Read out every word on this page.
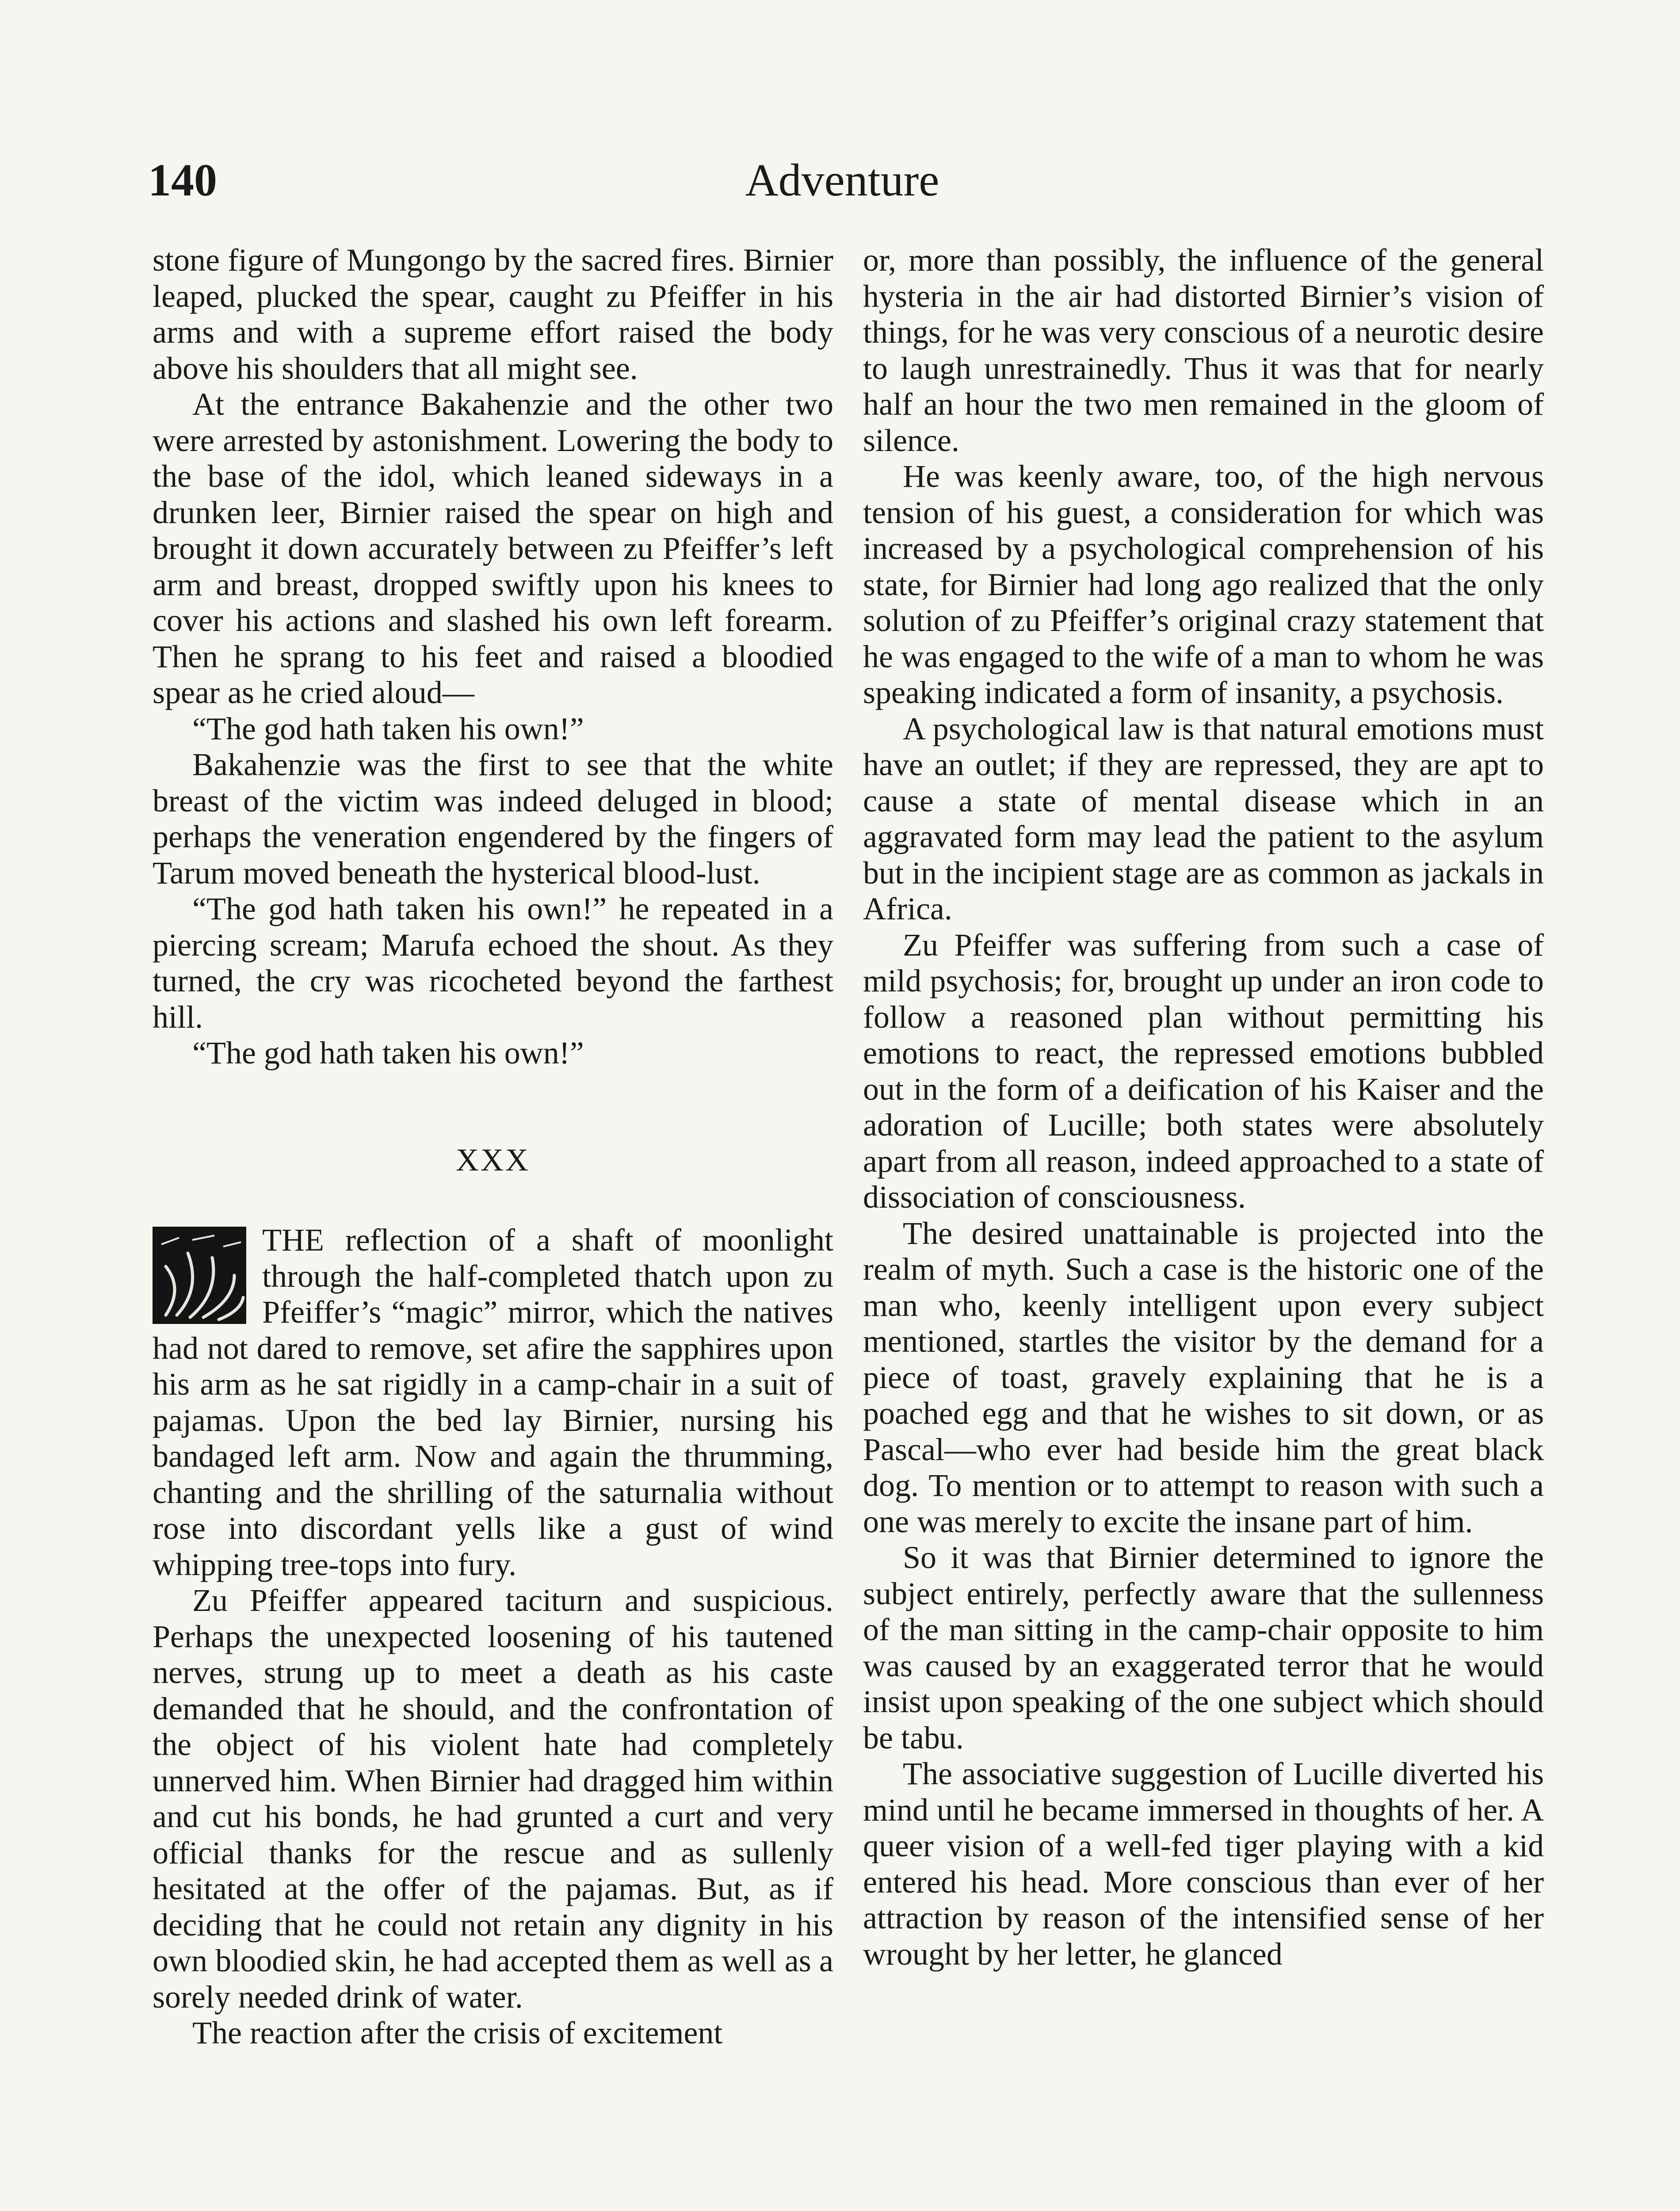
140	Adventure

stone figure of Mungongo by the sacred fires. Birnier leaped, plucked the spear, caught zu Pfeiffer in his arms and with a supreme effort raised the body above his shoulders that all might see.

At the entrance Bakahenzie and the other two were arrested by astonishment. Lowering the body to the base of the idol, which leaned sideways in a drunken leer, Birnier raised the spear on high and brought it down accurately between zu Pfeiffer’s left arm and breast, dropped swiftly upon his knees to cover his actions and slashed his own left forearm. Then he sprang to his feet and raised a bloodied spear as he cried aloud—

“The god hath taken his own!”

Bakahenzie was the first to see that the white breast of the victim was indeed deluged in blood; perhaps the veneration engendered by the fingers of Tarum moved beneath the hysterical blood-lust.

“The god hath taken his own!” he repeated in a piercing scream; Marufa echoed the shout. As they turned, the cry was ricocheted beyond the farthest hill.

“The god hath taken his own!”

XXX

THE reflection of a shaft of moonlight through the half-completed thatch upon zu Pfeiffer’s “magic” mirror, which the natives had not dared to remove, set afire the sapphires upon his arm as he sat rigidly in a camp-chair in a suit of pajamas. Upon the bed lay Birnier, nursing his bandaged left arm. Now and again the thrumming, chanting and the shrilling of the saturnalia without rose into discordant yells like a gust of wind whipping tree-tops into fury.

Zu Pfeiffer appeared taciturn and suspicious. Perhaps the unexpected loosening of his tautened nerves, strung up to meet a death as his caste demanded that he should, and the confrontation of the object of his violent hate had completely unnerved him. When Birnier had dragged him within and cut his bonds, he had grunted a curt and very official thanks for the rescue and as sullenly hesitated at the offer of the pajamas. But, as if deciding that he could not retain any dignity in his own bloodied skin, he had accepted them as well as a sorely needed drink of water.

The reaction after the crisis of excitement

or, more than possibly, the influence of the general hysteria in the air had distorted Birnier’s vision of things, for he was very conscious of a neurotic desire to laugh unrestrainedly. Thus it was that for nearly half an hour the two men remained in the gloom of silence.

He was keenly aware, too, of the high nervous tension of his guest, a consideration for which was increased by a psychological comprehension of his state, for Birnier had long ago realized that the only solution of zu Pfeiffer’s original crazy statement that he was engaged to the wife of a man to whom he was speaking indicated a form of insanity, a psychosis.

A psychological law is that natural emotions must have an outlet; if they are repressed, they are apt to cause a state of mental disease which in an aggravated form may lead the patient to the asylum but in the incipient stage are as common as jackals in Africa.

Zu Pfeiffer was suffering from such a case of mild psychosis; for, brought up under an iron code to follow a reasoned plan without permitting his emotions to react, the repressed emotions bubbled out in the form of a deification of his Kaiser and the adoration of Lucille; both states were absolutely apart from all reason, indeed approached to a state of dissociation of consciousness.

The desired unattainable is projected into the realm of myth. Such a case is the historic one of the man who, keenly intelligent upon every subject mentioned, startles the visitor by the demand for a piece of toast, gravely explaining that he is a poached egg and that he wishes to sit down, or as Pascal—who ever had beside him the great black dog. To mention or to attempt to reason with such a one was merely to excite the insane part of him.

So it was that Birnier determined to ignore the subject entirely, perfectly aware that the sullenness of the man sitting in the camp-chair opposite to him was caused by an exaggerated terror that he would insist upon speaking of the one subject which should be tabu.

The associative suggestion of Lucille diverted his mind until he became immersed in thoughts of her. A queer vision of a well-fed tiger playing with a kid entered his head. More conscious than ever of her attraction by reason of the intensified sense of her wrought by her letter, he glanced
